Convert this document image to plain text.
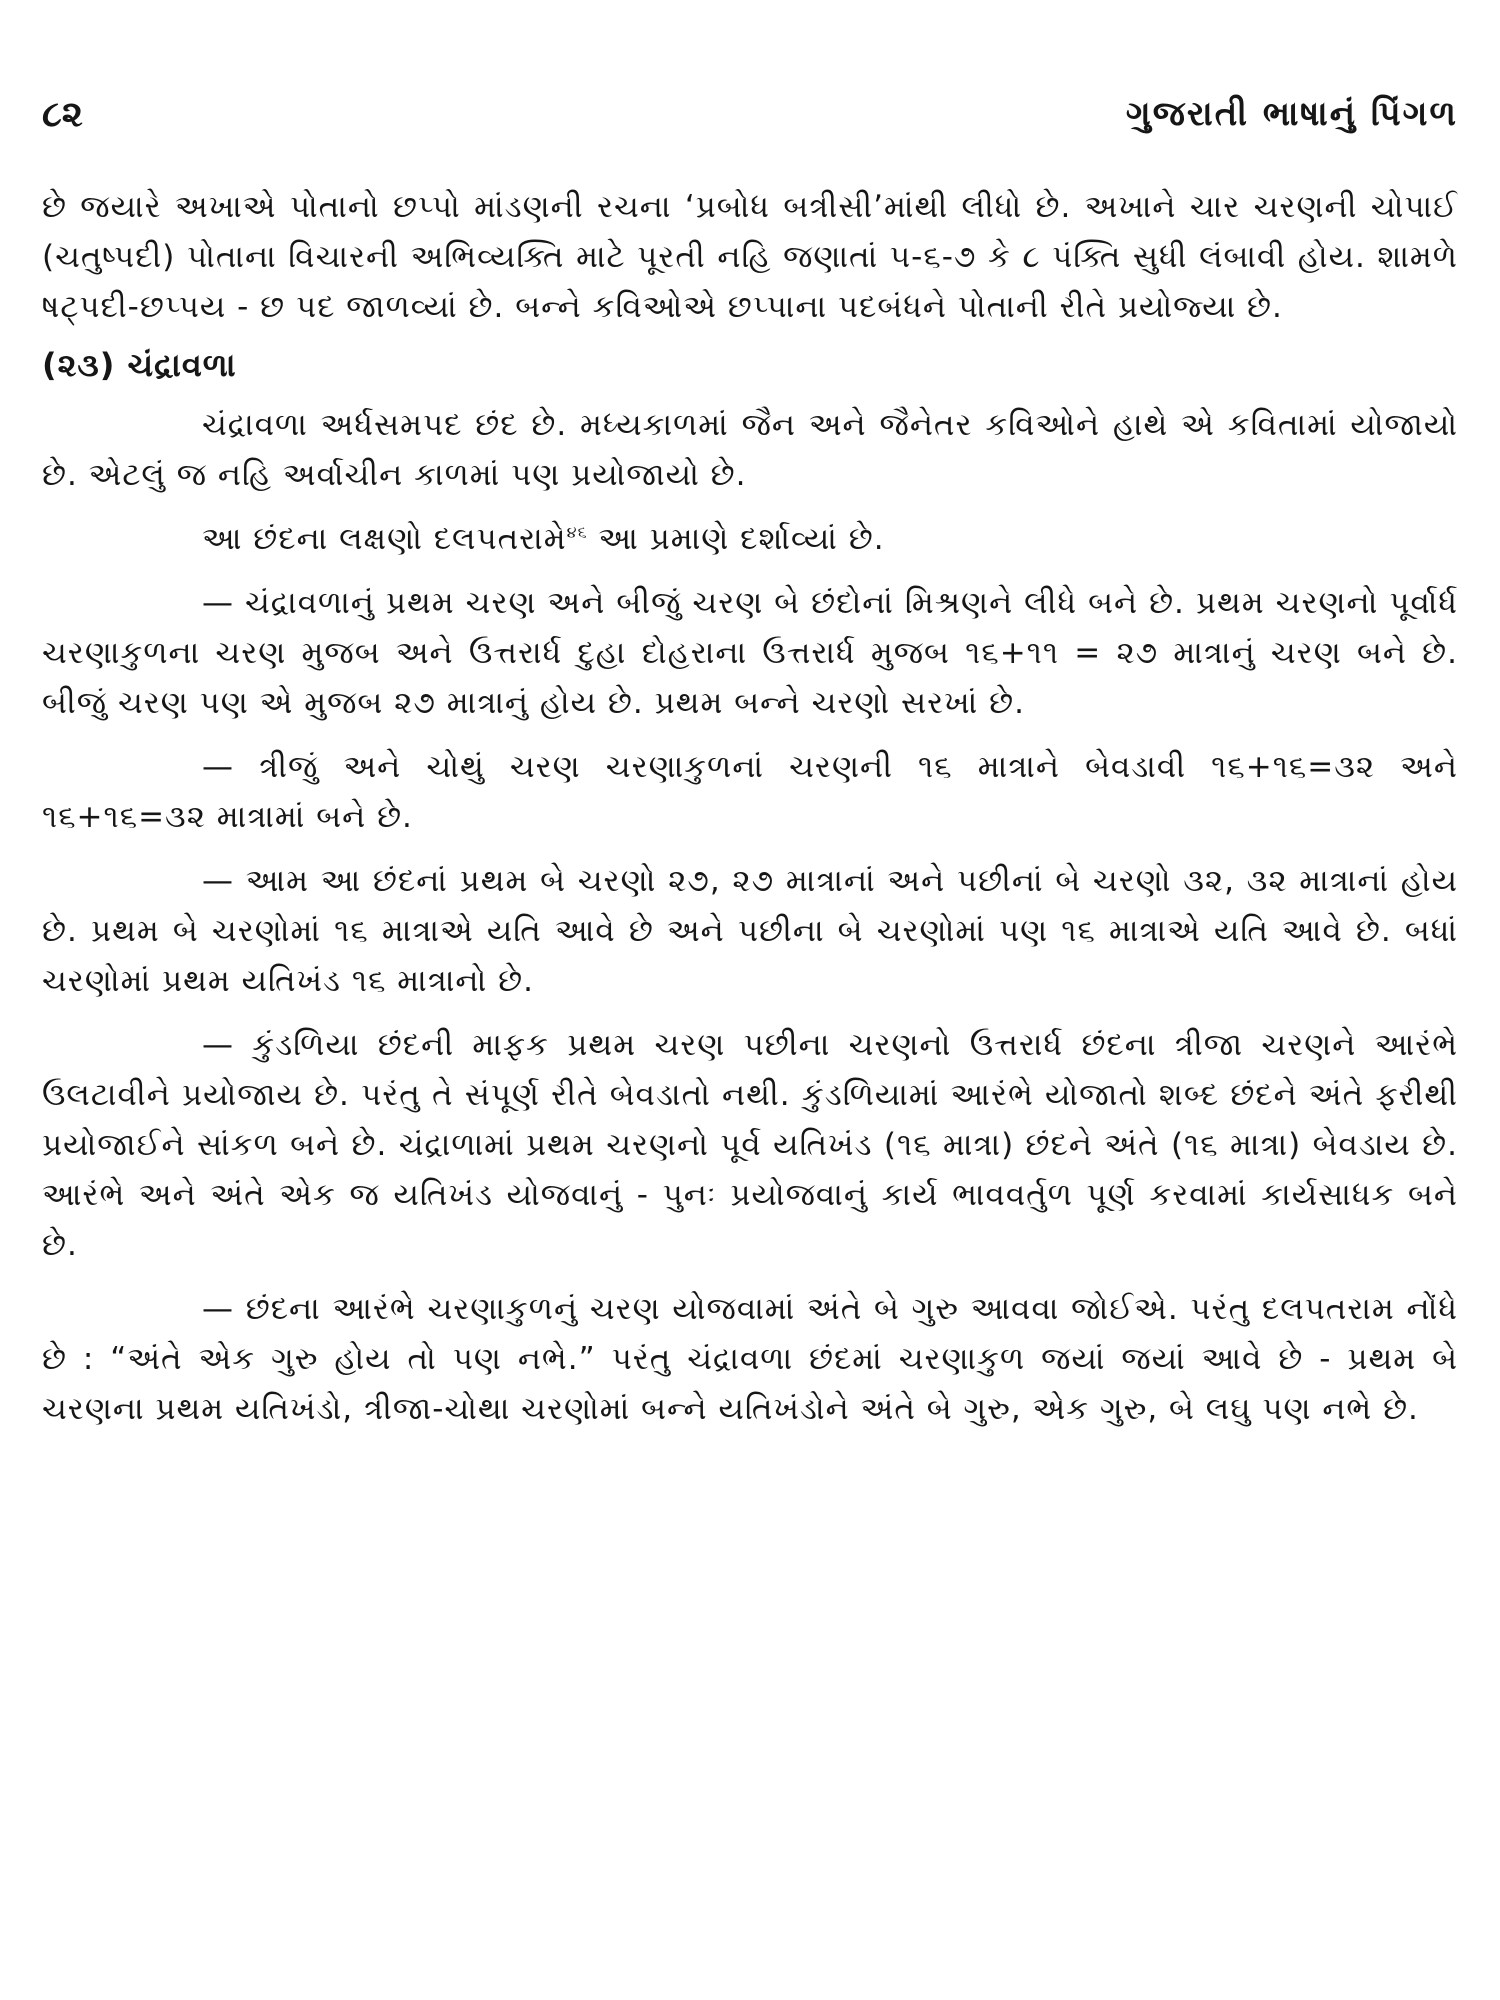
૮૨	ગુજરાતી ભાષાનું પિંગળ

છે જયારે અખાએ પોતાનો છપ્પો માંડણની રચના ‘પ્રબોધ બત્રીસી’માંથી લીધો છે. અખાને ચાર ચરણની ચોપાઈ (ચતુષ્પદી) પોતાના વિચારની અભિવ્યક્તિ માટે પૂરતી નહિ જણાતાં ૫-૬-૭ કે ૮ પંક્તિ સુધી લંબાવી હોય. શામળે ષટ્પદી-છપ્પય - છ પદ જાળવ્યાં છે. બન્ને કવિઓએ છપ્પાના પદબંધને પોતાની રીતે પ્રયોજ્યા છે.

(૨૩) ચંદ્રાવળા

ચંદ્રાવળા અર્ધસમપદ છંદ છે. મધ્યકાળમાં જૈન અને જૈનેતર કવિઓને હાથે એ કવિતામાં યોજાયો છે. એટલું જ નહિ અર્વાચીન કાળમાં પણ પ્રયોજાયો છે.

આ છંદના લક્ષણો દલપતરામે$^{૪૬}$ આ પ્રમાણે દર્શાવ્યાં છે.

— ચંદ્રાવળાનું પ્રથમ ચરણ અને બીજું ચરણ બે છંદોનાં મિશ્રણને લીધે બને છે. પ્રથમ ચરણનો પૂર્વાર્ધ ચરણાકુળના ચરણ મુજબ અને ઉત્તરાર્ધ દુહા દોહરાના ઉત્તરાર્ધ મુજબ ૧૬+૧૧ = ૨૭ માત્રાનું ચરણ બને છે. બીજું ચરણ પણ એ મુજબ ૨૭ માત્રાનું હોય છે. પ્રથમ બન્ને ચરણો સરખાં છે.

— ત્રીજું અને ચોથું ચરણ ચરણાકુળનાં ચરણની ૧૬ માત્રાને બેવડાવી ૧૬+૧૬=૩૨ અને ૧૬+૧૬=૩૨ માત્રામાં બને છે.

— આમ આ છંદનાં પ્રથમ બે ચરણો ૨૭, ૨૭ માત્રાનાં અને પછીનાં બે ચરણો ૩૨, ૩૨ માત્રાનાં હોય છે. પ્રથમ બે ચરણોમાં ૧૬ માત્રાએ યતિ આવે છે અને પછીના બે ચરણોમાં પણ ૧૬ માત્રાએ યતિ આવે છે. બધાં ચરણોમાં પ્રથમ યતિખંડ ૧૬ માત્રાનો છે.

— કુંડળિયા છંદની માફક પ્રથમ ચરણ પછીના ચરણનો ઉત્તરાર્ધ છંદના ત્રીજા ચરણને આરંભે ઉલટાવીને પ્રયોજાય છે. પરંતુ તે સંપૂર્ણ રીતે બેવડાતો નથી. કુંડળિયામાં આરંભે યોજાતો શબ્દ છંદને અંતે ફરીથી પ્રયોજાઈને સાંકળ બને છે. ચંદ્રાળામાં પ્રથમ ચરણનો પૂર્વ યતિખંડ (૧૬ માત્રા) છંદને અંતે (૧૬ માત્રા) બેવડાય છે. આરંભે અને અંતે એક જ યતિખંડ યોજવાનું - પુનઃ પ્રયોજવાનું કાર્ય ભાવવર્તુળ પૂર્ણ કરવામાં કાર્યસાધક બને છે.

— છંદના આરંભે ચરણાકુળનું ચરણ યોજવામાં અંતે બે ગુરુ આવવા જોઈએ. પરંતુ દલપતરામ નોંધે છે : “અંતે એક ગુરુ હોય તો પણ નભે.” પરંતુ ચંદ્રાવળા છંદમાં ચરણાકુળ જયાં જયાં આવે છે - પ્રથમ બે ચરણના પ્રથમ યતિખંડો, ત્રીજા-ચોથા ચરણોમાં બન્ને યતિખંડોને અંતે બે ગુરુ, એક ગુરુ, બે લઘુ પણ નભે છે.
